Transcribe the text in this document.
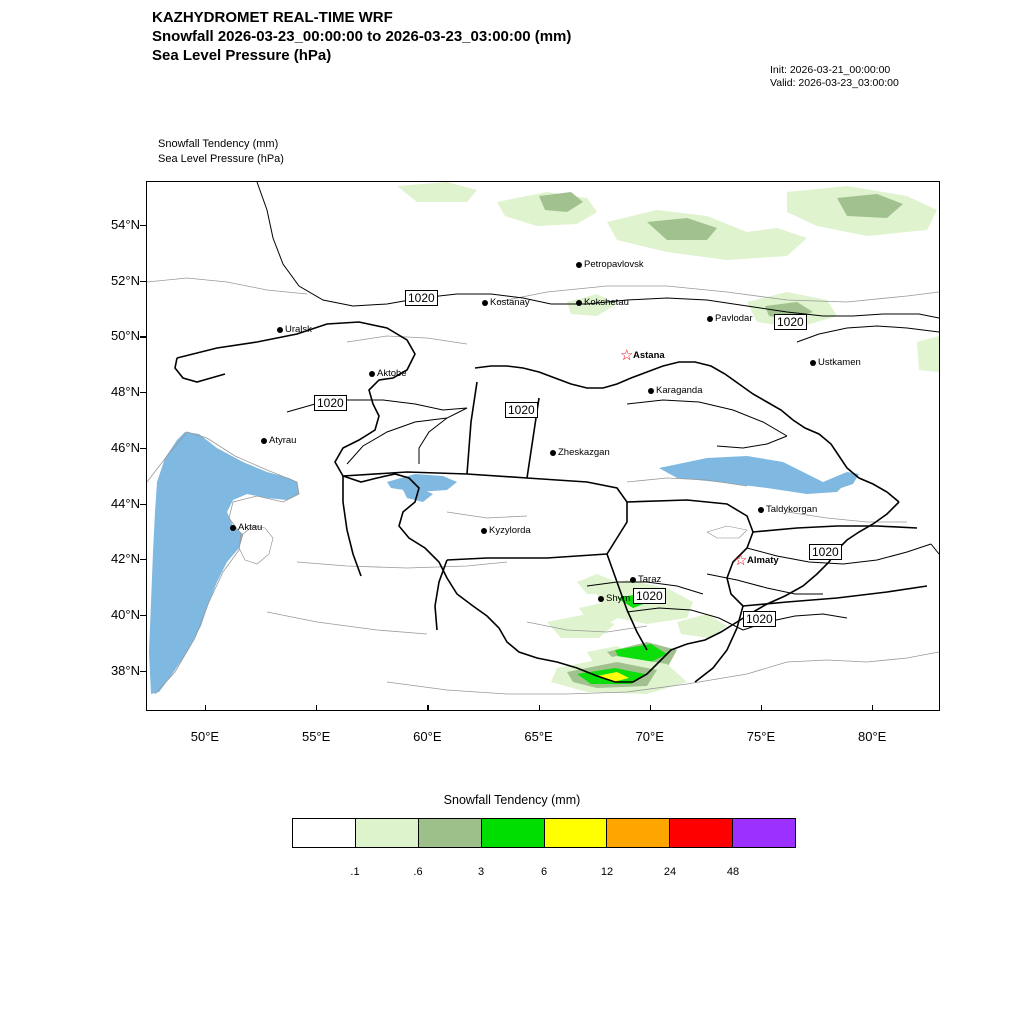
KAZHYDROMET REAL-TIME WRF
Snowfall 2026-03-23_00:00:00 to 2026-03-23_03:00:00 (mm)
Sea Level Pressure (hPa)
Init: 2026-03-21_00:00:00
Valid: 2026-03-23_03:00:00
Snowfall Tendency (mm)
Sea Level Pressure (hPa)
Petropavlovsk
Kostanay	Kokshetau
Pavlodar
Uralsk
Ustkamen
Aktobe
Karaganda
Atyrau
Zheskazgan
Taldykorgan
Aktau	Kyzylorda
Taraz
Shym
☆ Astana
☆ Almaty
1020
1020
1020	1020
1020
1020
1020
54°N
52°N
50°N
48°N
46°N
44°N
42°N
40°N
38°N
50°E	55°E	60°E	65°E	70°E	75°E	80°E
Snowfall Tendency (mm)
.1	.6	3	6	12	24	48
